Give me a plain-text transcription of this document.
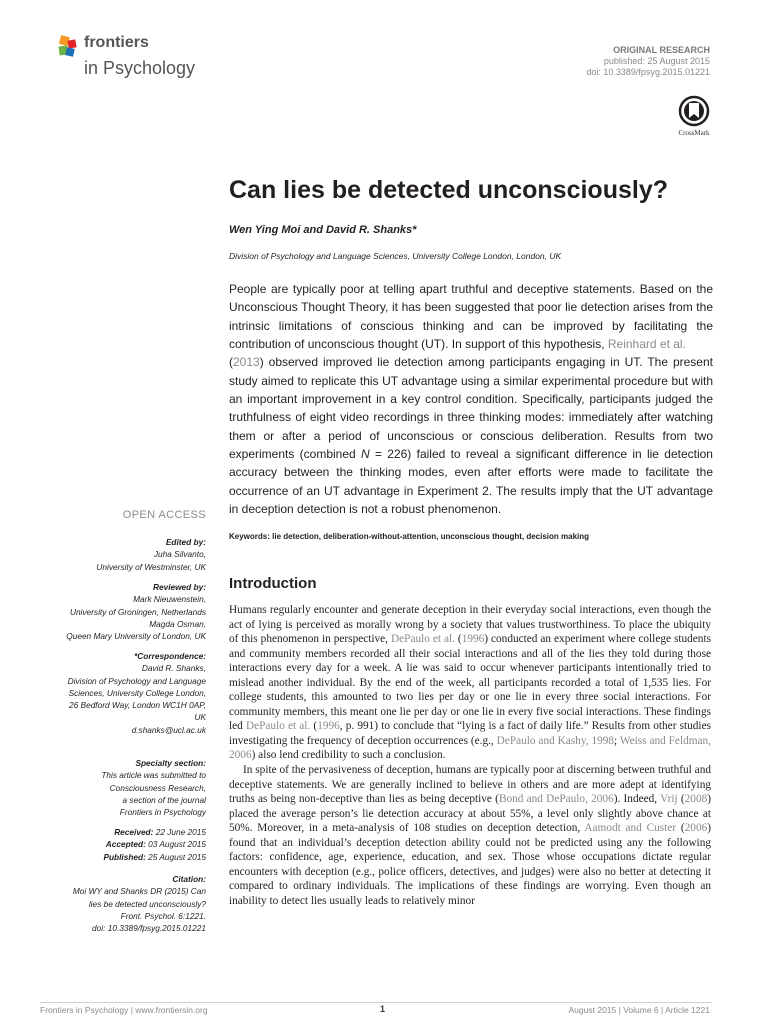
frontiers
in Psychology
ORIGINAL RESEARCH
published: 25 August 2015
doi: 10.3389/fpsyg.2015.01221
CrossMark
Can lies be detected unconsciously?
Wen Ying Moi and David R. Shanks*
Division of Psychology and Language Sciences, University College London, London, UK
People are typically poor at telling apart truthful and deceptive statements. Based on the Unconscious Thought Theory, it has been suggested that poor lie detection arises from the intrinsic limitations of conscious thinking and can be improved by facilitating the contribution of unconscious thought (UT). In support of this hypothesis, Reinhard et al.
(2013) observed improved lie detection among participants engaging in UT. The present study aimed to replicate this UT advantage using a similar experimental procedure but with an important improvement in a key control condition. Specifically, participants judged the truthfulness of eight video recordings in three thinking modes: immediately after watching them or after a period of unconscious or conscious deliberation. Results from two experiments (combined N = 226) failed to reveal a significant difference in lie detection accuracy between the thinking modes, even after efforts were made to facilitate the occurrence of an UT advantage in Experiment 2. The results imply that the UT advantage in deception detection is not a robust phenomenon.
Keywords: lie detection, deliberation-without-attention, unconscious thought, decision making
OPEN ACCESS
Edited by:
Juha Silvanto,
University of Westminster, UK
Reviewed by:
Mark Nieuwenstein,
University of Groningen, Netherlands
Magda Osman,
Queen Mary University of London, UK
*Correspondence:
David R. Shanks,
Division of Psychology and Language
Sciences, University College London,
26 Bedford Way, London WC1H 0AP,
UK
d.shanks@ucl.ac.uk
Specialty section:
This article was submitted to
Consciousness Research,
a section of the journal
Frontiers in Psychology
Received: 22 June 2015
Accepted: 03 August 2015
Published: 25 August 2015
Citation:
Moi WY and Shanks DR (2015) Can
lies be detected unconsciously?
Front. Psychol. 6:1221.
doi: 10.3389/fpsyg.2015.01221
Introduction

Humans regularly encounter and generate deception in their everyday social interactions, even though the act of lying is perceived as morally wrong by a society that values trustworthiness. To place the ubiquity of this phenomenon in perspective, DePaulo et al. (1996) conducted an experiment where college students and community members recorded all their social interactions and all of the lies they told during those interactions every day for a week. A lie was said to occur whenever participants intentionally tried to mislead another individual. By the end of the week, all participants recorded a total of 1,535 lies. For college students, this amounted to two lies per day or one lie in every three social interactions. For community members, this meant one lie per day or one lie in every five social interactions. These findings led DePaulo et al. (1996, p. 991) to conclude that “lying is a fact of daily life.” Results from other studies investigating the frequency of deception occurrences (e.g., DePaulo and Kashy, 1998; Weiss and Feldman, 2006) also lend credibility to such a conclusion.

In spite of the pervasiveness of deception, humans are typically poor at discerning between truthful and deceptive statements. We are generally inclined to believe in others and are more adept at identifying truths as being non-deceptive than lies as being deceptive (Bond and DePaulo, 2006). Indeed, Vrij (2008) placed the average person’s lie detection accuracy at about 55%, a level only slightly above chance at 50%. Moreover, in a meta-analysis of 108 studies on deception detection, Aamodt and Custer (2006) found that an individual’s deception detection ability could not be predicted using any the following factors: confidence, age, experience, education, and sex. Those whose occupations dictate regular encounters with deception (e.g., police officers, detectives, and judges) were also no better at detecting it compared to ordinary individuals. The implications of these findings are worrying. Even though an inability to detect lies usually leads to relatively minor

Frontiers in Psychology | www.frontiersin.org	1	August 2015 | Volume 6 | Article 1221
